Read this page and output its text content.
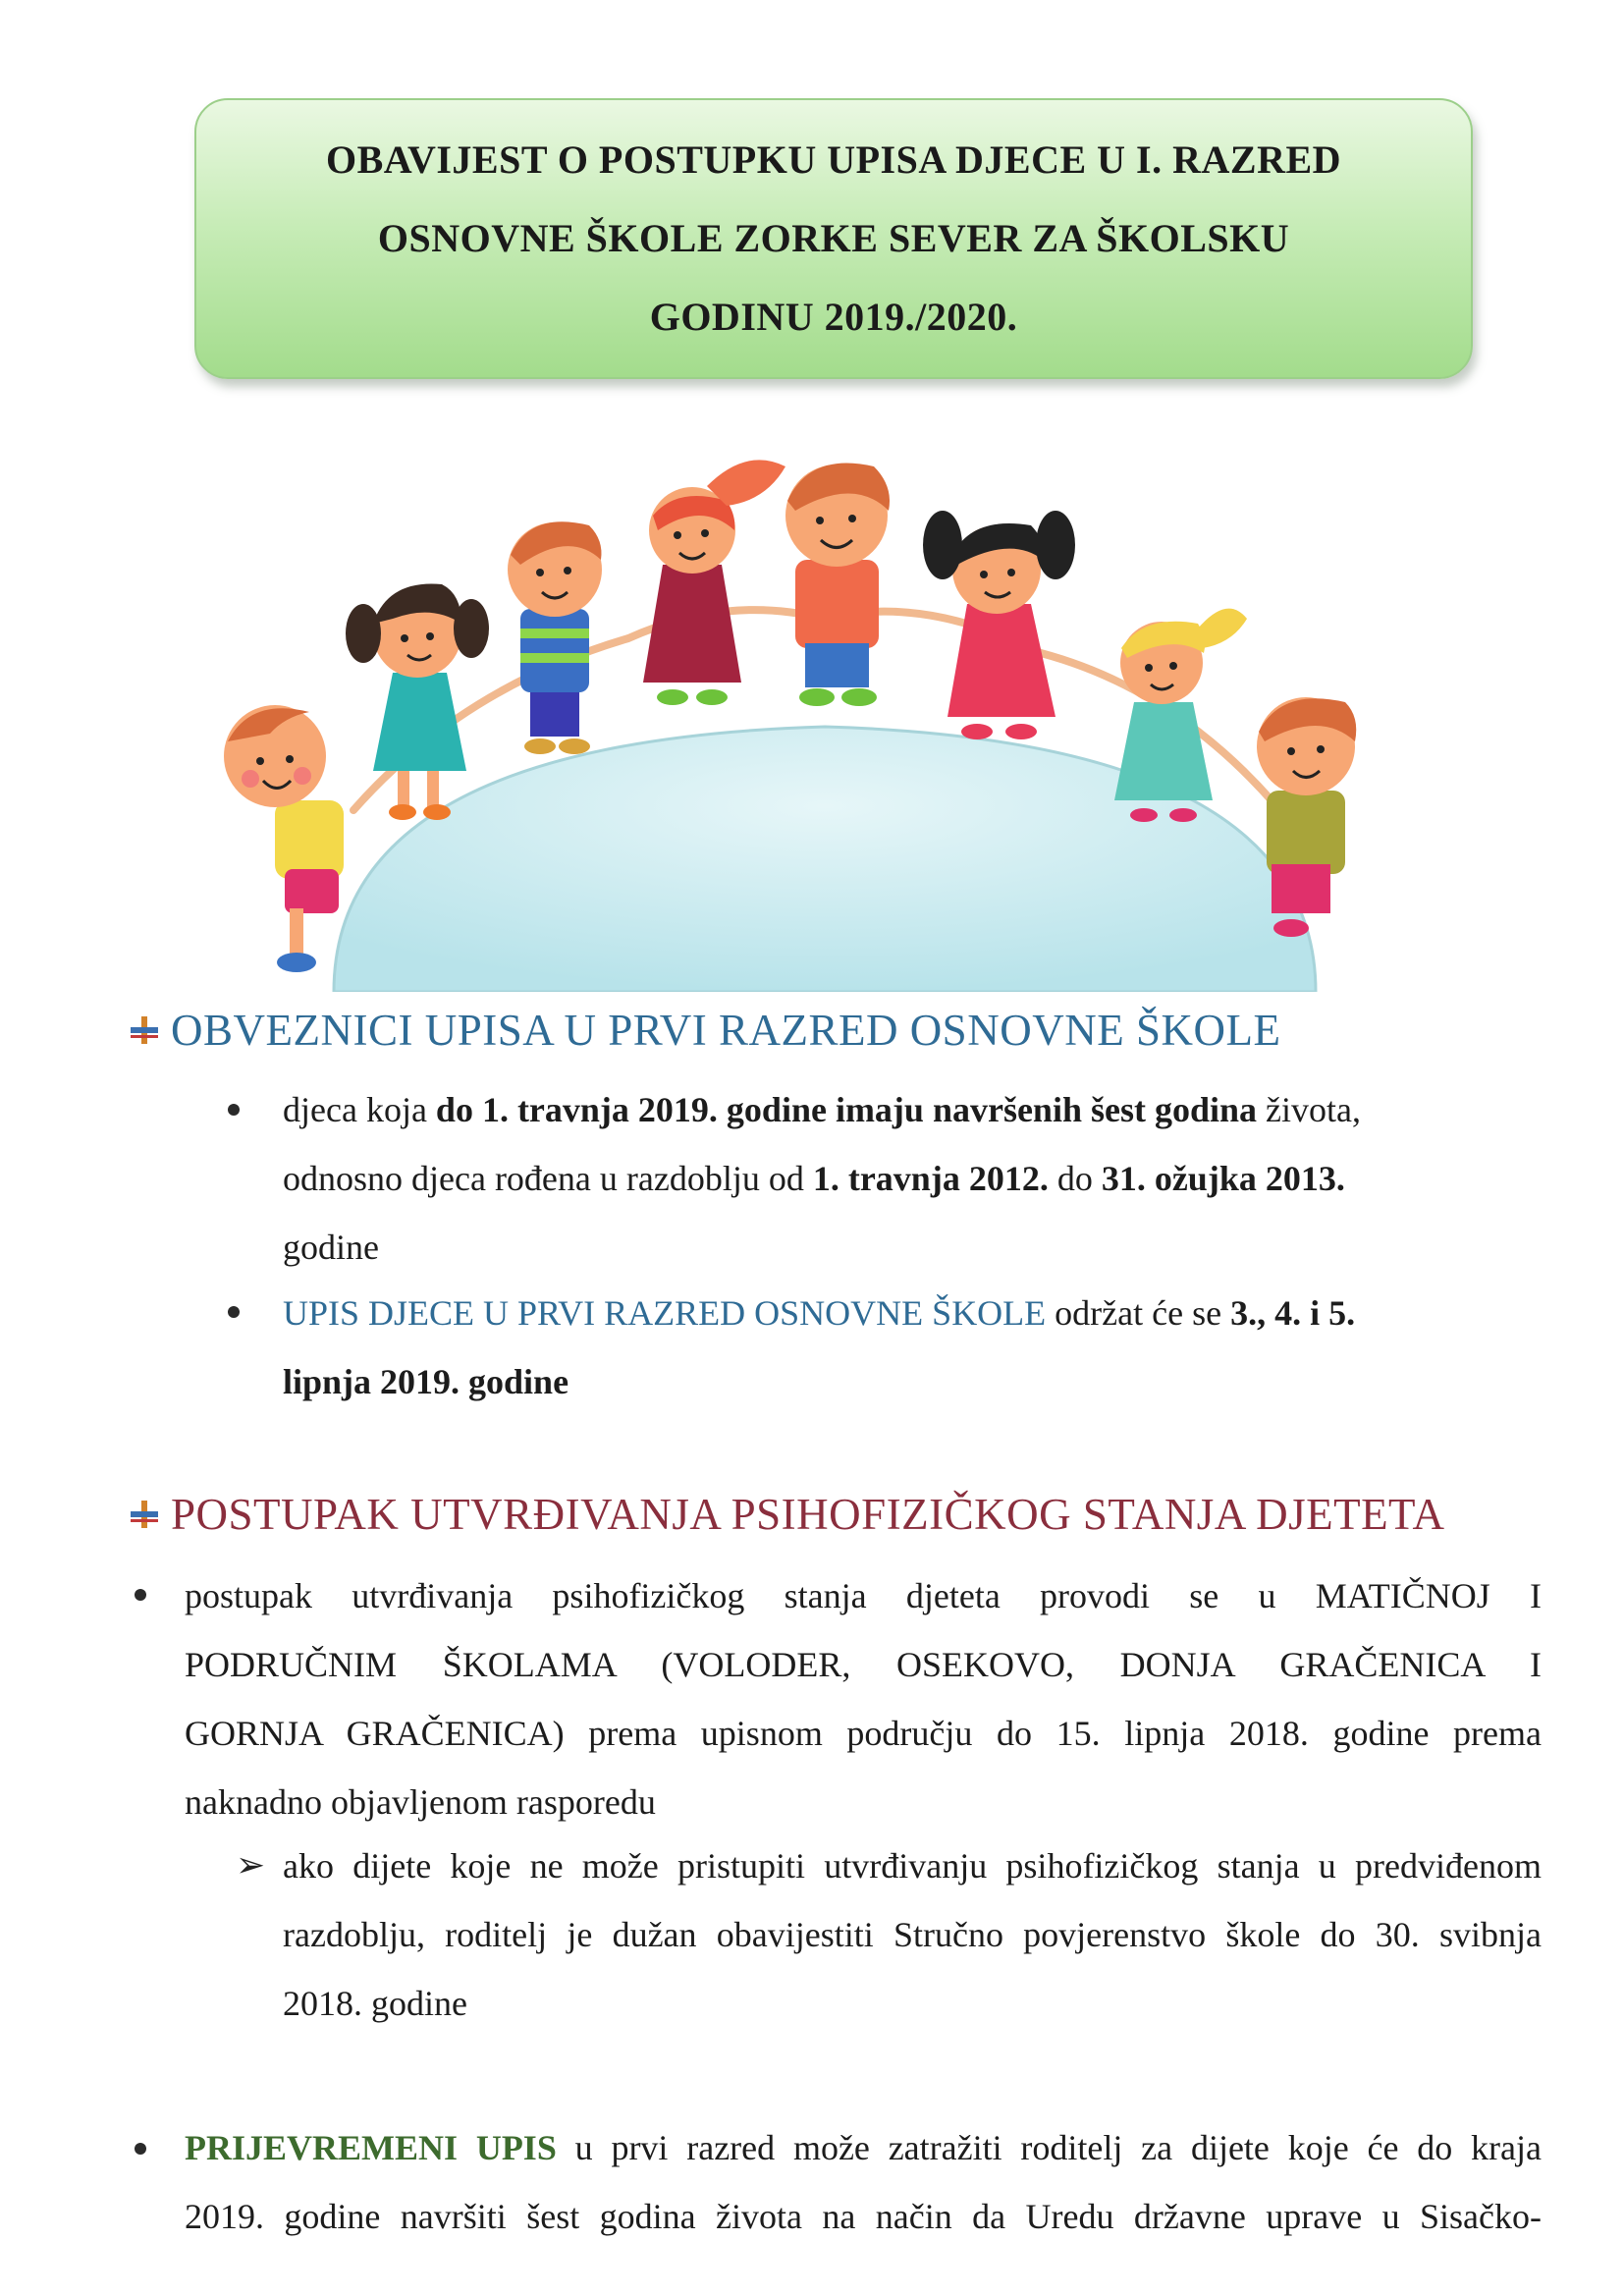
OBAVIJEST O POSTUPKU UPISA DJECE U I. RAZRED
OSNOVNE ŠKOLE ZORKE SEVER ZA ŠKOLSKU
GODINU 2019./2020.
OBVEZNICI UPISA U PRVI RAZRED OSNOVNE ŠKOLE
djeca koja do 1. travnja 2019. godine imaju navršenih šest godina života,
odnosno djeca rođena u razdoblju od 1. travnja 2012. do 31. ožujka 2013.
godine
UPIS DJECE U PRVI RAZRED OSNOVNE ŠKOLE održat će se 3., 4. i 5.
lipnja 2019. godine
POSTUPAK UTVRĐIVANJA PSIHOFIZIČKOG STANJA DJETETA
postupak utvrđivanja psihofizičkog stanja djeteta provodi se u MATIČNOJ I
PODRUČNIM ŠKOLAMA (VOLODER, OSEKOVO, DONJA GRAČENICA I
GORNJA GRAČENICA) prema upisnom području do 15. lipnja 2018. godine prema
naknadno objavljenom rasporedu
➢ ako dijete koje ne može pristupiti utvrđivanju psihofizičkog stanja u predviđenom
razdoblju, roditelj je dužan obavijestiti Stručno povjerenstvo škole do 30. svibnja
2018. godine
PRIJEVREMENI UPIS u prvi razred može zatražiti roditelj za dijete koje će do kraja
2019. godine navršiti šest godina života na način da Uredu državne uprave u Sisačko-
